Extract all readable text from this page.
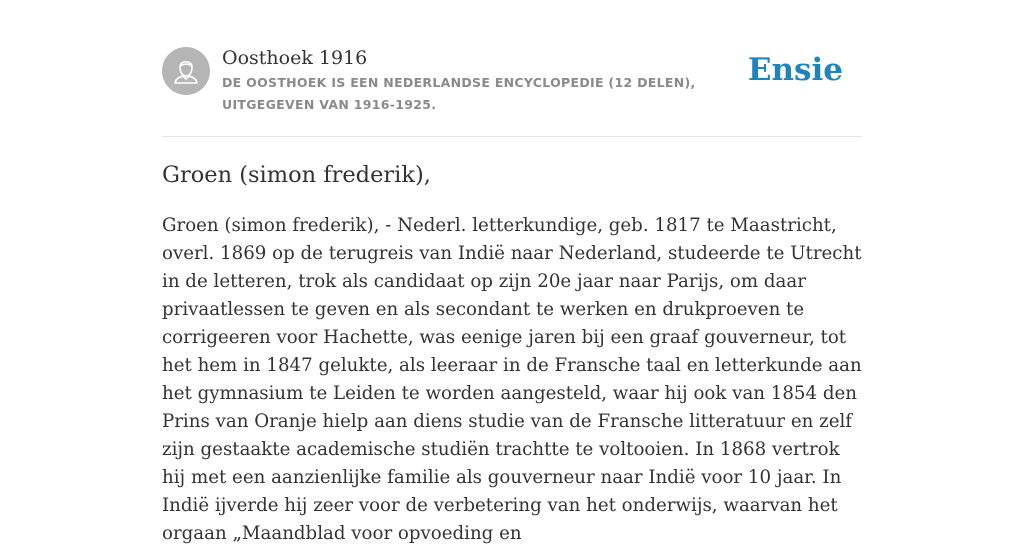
Oosthoek 1916
DE OOSTHOEK IS EEN NEDERLANDSE ENCYCLOPEDIE (12 DELEN), UITGEGEVEN VAN 1916-1925.
Ensie
Groen (simon frederik),

Groen (simon frederik), - Nederl. letterkundige, geb. 1817 te Maastricht, overl. 1869 op de terugreis van Indië naar Nederland, studeerde te Utrecht in de letteren, trok als candidaat op zijn 20e jaar naar Parijs, om daar privaatlessen te geven en als secondant te werken en drukproeven te corrigeeren voor Hachette, was eenige jaren bij een graaf gouverneur, tot het hem in 1847 gelukte, als leeraar in de Fransche taal en letterkunde aan het gymnasium te Leiden te worden aangesteld, waar hij ook van 1854 den Prins van Oranje hielp aan diens studie van de Fransche litteratuur en zelf zijn gestaakte academische studiën trachtte te voltooien. In 1868 vertrok hij met een aanzienlijke familie als gouverneur naar Indië voor 10 jaar. In Indië ijverde hij zeer voor de verbetering van het onderwijs, waarvan het orgaan „Maandblad voor opvoeding en
